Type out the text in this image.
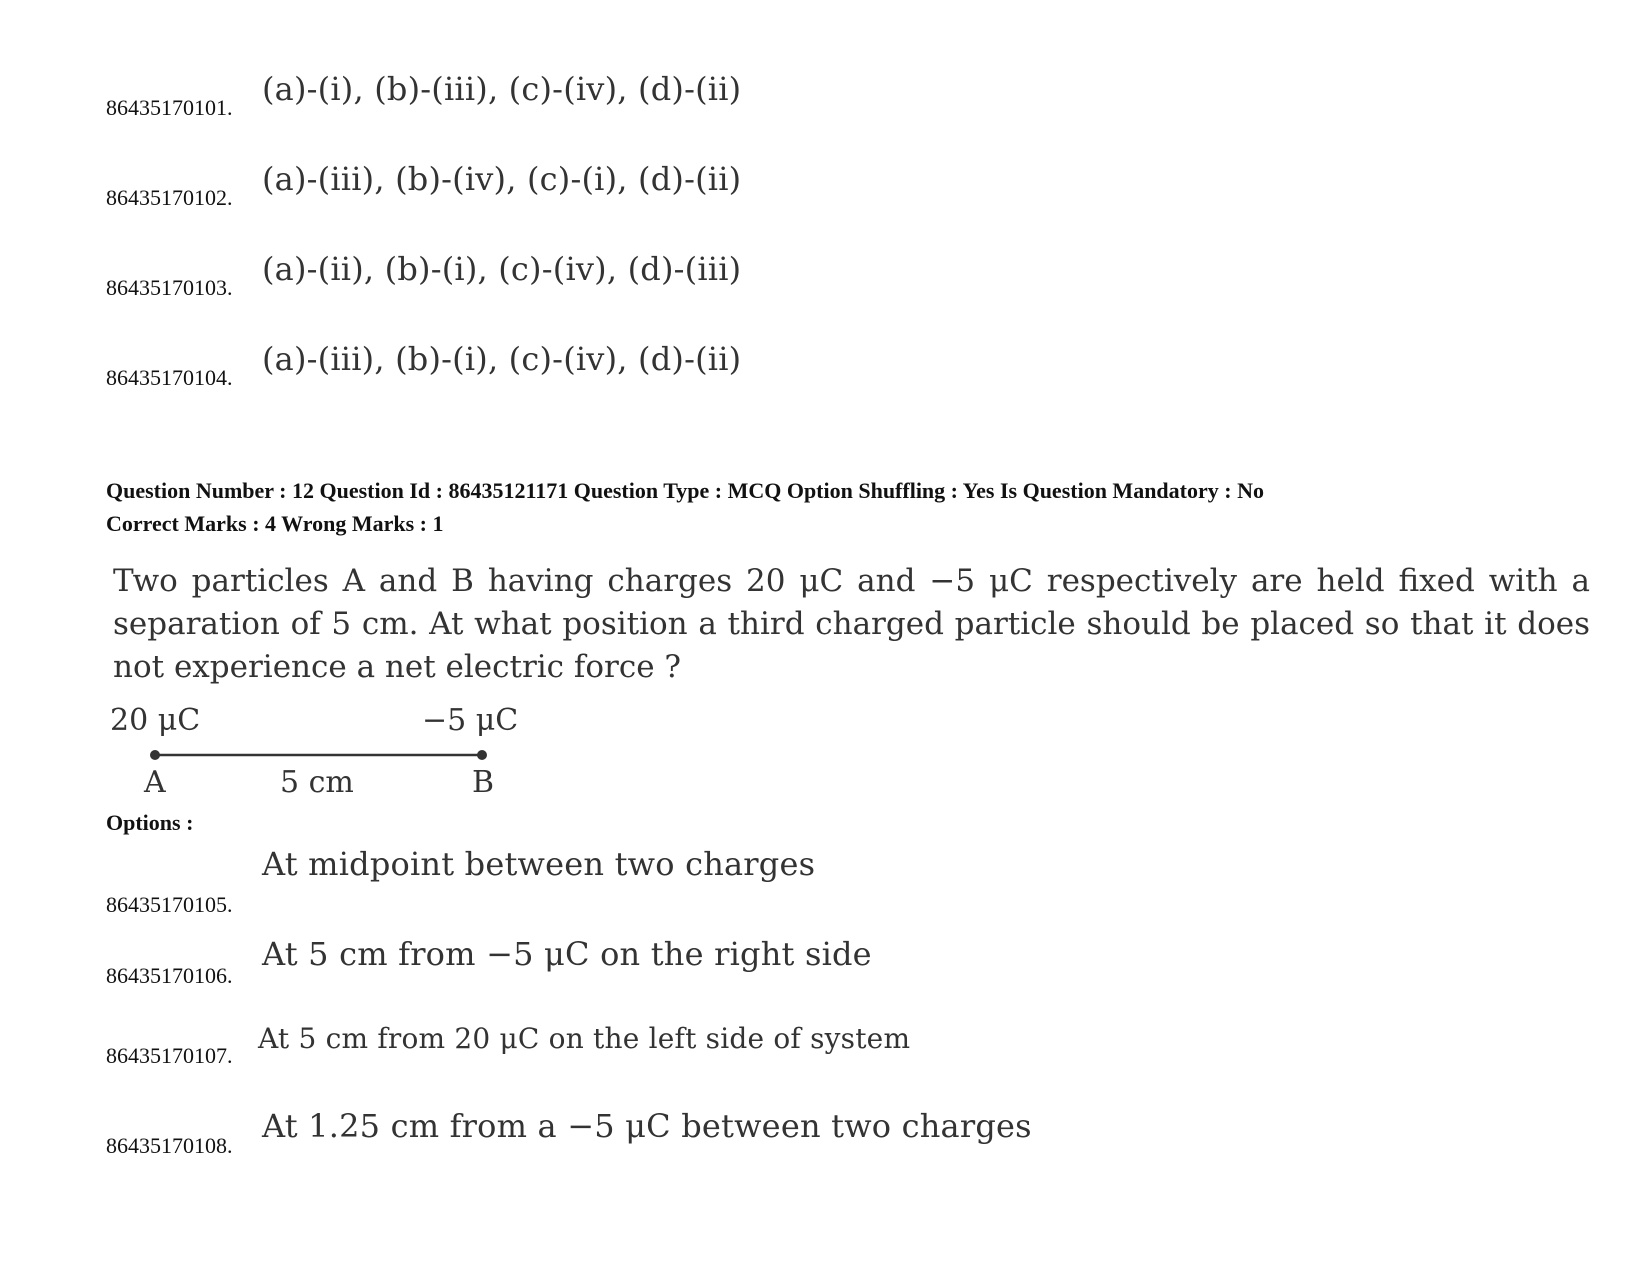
86435170101. (a)-(i), (b)-(iii), (c)-(iv), (d)-(ii)
86435170102. (a)-(iii), (b)-(iv), (c)-(i), (d)-(ii)
86435170103. (a)-(ii), (b)-(i), (c)-(iv), (d)-(iii)
86435170104. (a)-(iii), (b)-(i), (c)-(iv), (d)-(ii)
Question Number : 12 Question Id : 86435121171 Question Type : MCQ Option Shuffling : Yes Is Question Mandatory : No
Correct Marks : 4 Wrong Marks : 1

Two particles A and B having charges 20 μC and −5 μC respectively are held fixed with a separation of 5 cm. At what position a third charged particle should be placed so that it does not experience a net electric force ?

20 μC	−5 μC
A	5 cm	B
Options :
86435170105.
At midpoint between two charges
86435170106.
At 5 cm from −5 μC on the right side
86435170107.
At 5 cm from 20 μC on the left side of system
86435170108.
At 1.25 cm from a −5 μC between two charges
